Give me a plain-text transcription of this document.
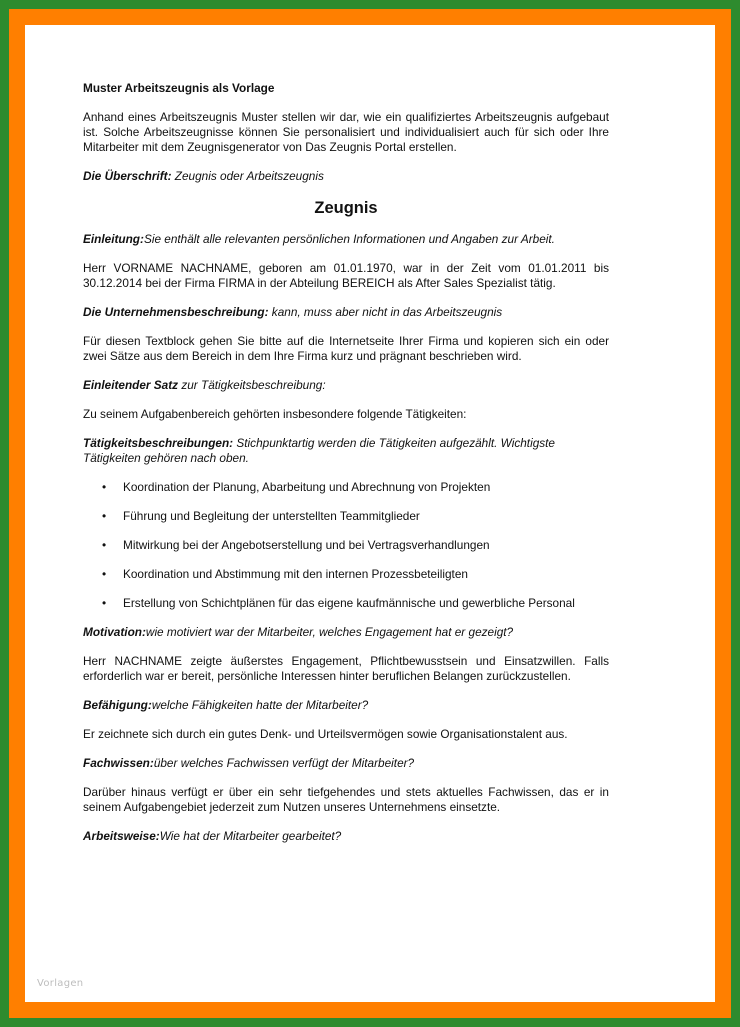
Muster Arbeitszeugnis als Vorlage

Anhand eines Arbeitszeugnis Muster stellen wir dar, wie ein qualifiziertes Arbeitszeugnis aufgebaut ist. Solche Arbeitszeugnisse können Sie personalisiert und individualisiert auch für sich oder Ihre Mitarbeiter mit dem Zeugnisgenerator von Das Zeugnis Portal erstellen.

Die Überschrift: Zeugnis oder Arbeitszeugnis

Zeugnis

Einleitung:Sie enthält alle relevanten persönlichen Informationen und Angaben zur Arbeit.

Herr VORNAME NACHNAME, geboren am 01.01.1970, war in der Zeit vom 01.01.2011 bis 30.12.2014 bei der Firma FIRMA in der Abteilung BEREICH als After Sales Spezialist tätig.

Die Unternehmensbeschreibung: kann, muss aber nicht in das Arbeitszeugnis

Für diesen Textblock gehen Sie bitte auf die Internetseite Ihrer Firma und kopieren sich ein oder zwei Sätze aus dem Bereich in dem Ihre Firma kurz und prägnant beschrieben wird.

Einleitender Satz zur Tätigkeitsbeschreibung:

Zu seinem Aufgabenbereich gehörten insbesondere folgende Tätigkeiten:

Tätigkeitsbeschreibungen: Stichpunktartig werden die Tätigkeiten aufgezählt. Wichtigste Tätigkeiten gehören nach oben.

• Koordination der Planung, Abarbeitung und Abrechnung von Projekten
• Führung und Begleitung der unterstellten Teammitglieder
• Mitwirkung bei der Angebotserstellung und bei Vertragsverhandlungen
• Koordination und Abstimmung mit den internen Prozessbeteiligten
• Erstellung von Schichtplänen für das eigene kaufmännische und gewerbliche Personal

Motivation:wie motiviert war der Mitarbeiter, welches Engagement hat er gezeigt?

Herr NACHNAME zeigte äußerstes Engagement, Pflichtbewusstsein und Einsatzwillen. Falls erforderlich war er bereit, persönliche Interessen hinter beruflichen Belangen zurückzustellen.

Befähigung:welche Fähigkeiten hatte der Mitarbeiter?

Er zeichnete sich durch ein gutes Denk- und Urteilsvermögen sowie Organisationstalent aus.

Fachwissen:über welches Fachwissen verfügt der Mitarbeiter?

Darüber hinaus verfügt er über ein sehr tiefgehendes und stets aktuelles Fachwissen, das er in seinem Aufgabengebiet jederzeit zum Nutzen unseres Unternehmens einsetzte.

Arbeitsweise:Wie hat der Mitarbeiter gearbeitet?

Vorlagen
